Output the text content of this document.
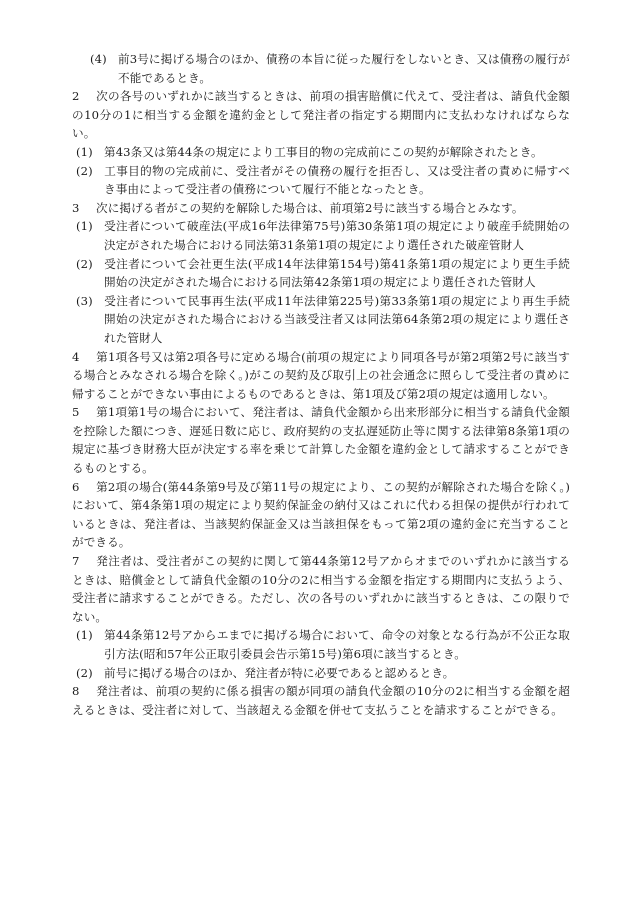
(4) 前3号に掲げる場合のほか、債務の本旨に従った履行をしないとき、又は債務の履行が不能であるとき。
2 次の各号のいずれかに該当するときは、前項の損害賠償に代えて、受注者は、請負代金額の10分の1に相当する金額を違約金として発注者の指定する期間内に支払わなければならない。
(1) 第43条又は第44条の規定により工事目的物の完成前にこの契約が解除されたとき。
(2) 工事目的物の完成前に、受注者がその債務の履行を拒否し、又は受注者の責めに帰すべき事由によって受注者の債務について履行不能となったとき。
3 次に掲げる者がこの契約を解除した場合は、前項第2号に該当する場合とみなす。
(1) 受注者について破産法(平成16年法律第75号)第30条第1項の規定により破産手続開始の決定がされた場合における同法第31条第1項の規定により選任された破産管財人
(2) 受注者について会社更生法(平成14年法律第154号)第41条第1項の規定により更生手続開始の決定がされた場合における同法第42条第1項の規定により選任された管財人
(3) 受注者について民事再生法(平成11年法律第225号)第33条第1項の規定により再生手続開始の決定がされた場合における当該受注者又は同法第64条第2項の規定により選任された管財人
4 第1項各号又は第2項各号に定める場合(前項の規定により同項各号が第2項第2号に該当する場合とみなされる場合を除く。)がこの契約及び取引上の社会通念に照らして受注者の責めに帰することができない事由によるものであるときは、第1項及び第2項の規定は適用しない。
5 第1項第1号の場合において、発注者は、請負代金額から出来形部分に相当する請負代金額を控除した額につき、遅延日数に応じ、政府契約の支払遅延防止等に関する法律第8条第1項の規定に基づき財務大臣が決定する率を乗じて計算した金額を違約金として請求することができるものとする。
6 第2項の場合(第44条第9号及び第11号の規定により、この契約が解除された場合を除く。)において、第4条第1項の規定により契約保証金の納付又はこれに代わる担保の提供が行われているときは、発注者は、当該契約保証金又は当該担保をもって第2項の違約金に充当することができる。
7 発注者は、受注者がこの契約に関して第44条第12号アからオまでのいずれかに該当するときは、賠償金として請負代金額の10分の2に相当する金額を指定する期間内に支払うよう、受注者に請求することができる。ただし、次の各号のいずれかに該当するときは、この限りでない。
(1) 第44条第12号アからエまでに掲げる場合において、命令の対象となる行為が不公正な取引方法(昭和57年公正取引委員会告示第15号)第6項に該当するとき。
(2) 前号に掲げる場合のほか、発注者が特に必要であると認めるとき。
8 発注者は、前項の契約に係る損害の額が同項の請負代金額の10分の2に相当する金額を超えるときは、受注者に対して、当該超える金額を併せて支払うことを請求することができる。
